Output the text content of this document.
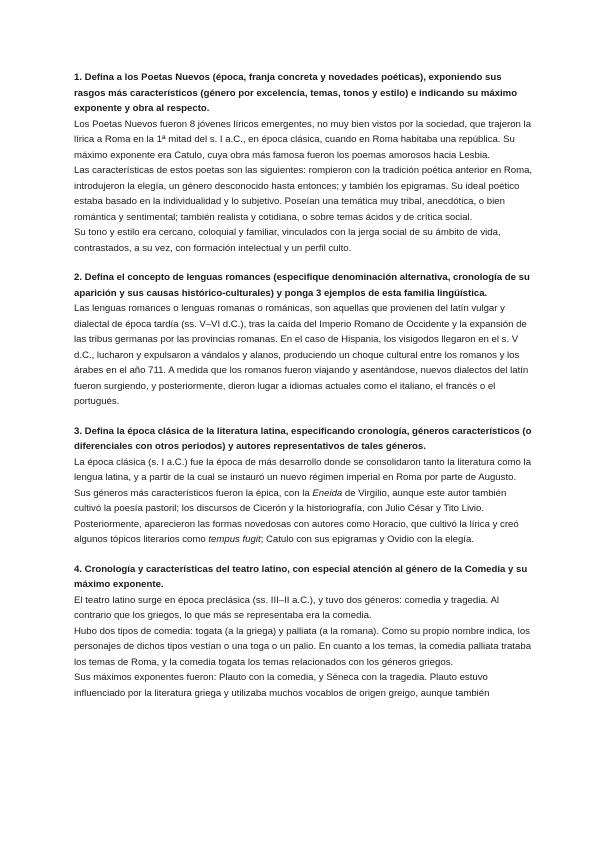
1. Defina a los Poetas Nuevos (época, franja concreta y novedades poéticas), exponiendo sus rasgos más característicos (género por excelencia, temas, tonos y estilo) e indicando su máximo exponente y obra al respecto.

Los Poetas Nuevos fueron 8 jóvenes líricos emergentes, no muy bien vistos por la sociedad, que trajeron la lírica a Roma en la 1ª mitad del s. I a.C., en época clásica, cuando en Roma habitaba una república. Su máximo exponente era Catulo, cuya obra más famosa fueron los poemas amorosos hacia Lesbia.

Las características de estos poetas son las siguientes: rompieron con la tradición poética anterior en Roma, introdujeron la elegía, un género desconocido hasta entonces; y también los epigramas. Su ideal poético estaba basado en la individualidad y lo subjetivo. Poseían una temática muy tribal, anecdótica, o bien romántica y sentimental; también realista y cotidiana, o sobre temas ácidos y de crítica social.

Su tono y estilo era cercano, coloquial y familiar, vinculados con la jerga social de su ámbito de vida, contrastados, a su vez, con formación intelectual y un perfil culto.

2. Defina el concepto de lenguas romances (especifique denominación alternativa, cronología de su aparición y sus causas histórico-culturales) y ponga 3 ejemplos de esta familia lingüística.

Las lenguas romances o lenguas romanas o románicas, son aquellas que provienen del latín vulgar y dialectal de época tardía (ss. V–VI d.C.), tras la caída del Imperio Romano de Occidente y la expansión de las tribus germanas por las provincias romanas. En el caso de Hispania, los visigodos llegaron en el s. V d.C., lucharon y expulsaron a vándalos y alanos, produciendo un choque cultural entre los romanos y los árabes en el año 711. A medida que los romanos fueron viajando y asentándose, nuevos dialectos del latín fueron surgiendo, y posteriormente, dieron lugar a idiomas actuales como el italiano, el francés o el portugués.

3. Defina la época clásica de la literatura latina, especificando cronología, géneros característicos (o diferenciales con otros periodos) y autores representativos de tales géneros.

La época clásica (s. I a.C.) fue la época de más desarrollo donde se consolidaron tanto la literatura como la lengua latina, y a partir de la cual se instauró un nuevo régimen imperial en Roma por parte de Augusto. Sus géneros más característicos fueron la épica, con la Eneida de Virgilio, aunque este autor también cultivó la poesía pastoril; los discursos de Cicerón y la historiografía, con Julio César y Tito Livio. Posteriormente, aparecieron las formas novedosas con autores como Horacio, que cultivó la lírica y creó algunos tópicos literarios como tempus fugit; Catulo con sus epigramas y Ovidio con la elegía.

4. Cronología y características del teatro latino, con especial atención al género de la Comedia y su máximo exponente.

El teatro latino surge en época preclásica (ss. III–II a.C.), y tuvo dos géneros: comedia y tragedia. Al contrario que los griegos, lo que más se representaba era la comedia.

Hubo dos tipos de comedia: togata (a la griega) y palliata (a la romana). Como su propio nombre indica, los personajes de dichos tipos vestían o una toga o un palio. En cuanto a los temas, la comedia palliata trataba los temas de Roma, y la comedia togata los temas relacionados con los géneros griegos.

Sus máximos exponentes fueron: Plauto con la comedia, y Séneca con la tragedia. Plauto estuvo influenciado por la literatura griega y utilizaba muchos vocablos de origen greigo, aunque también
